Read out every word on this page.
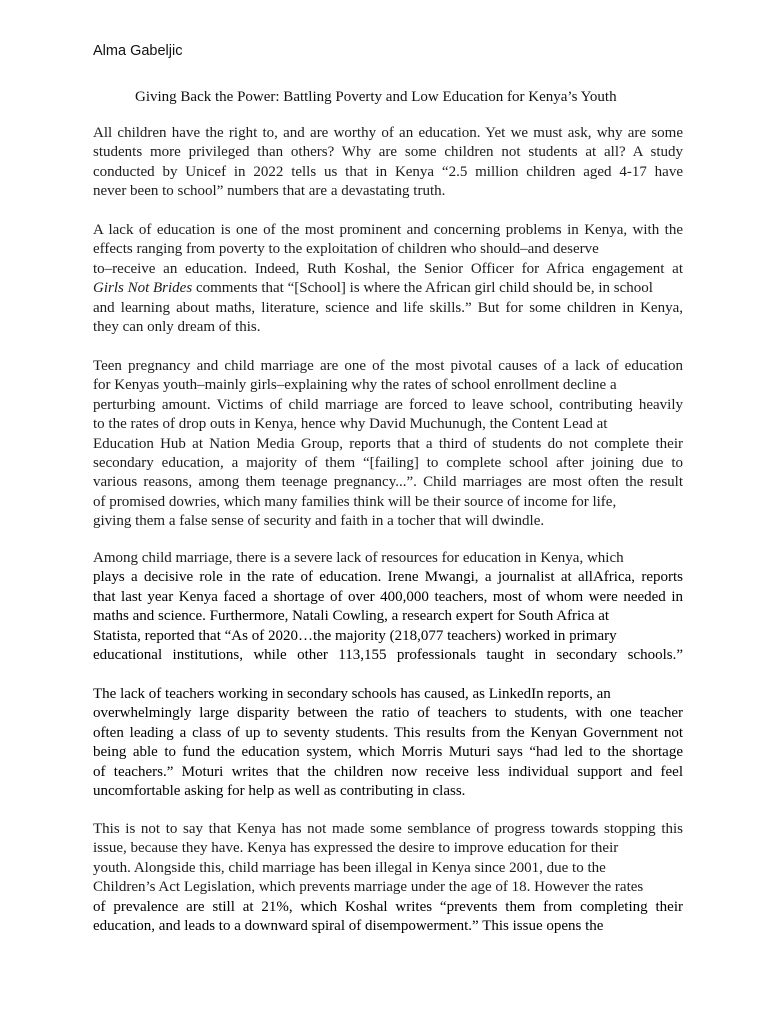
Alma Gabeljic
Giving Back the Power: Battling Poverty and Low Education for Kenya’s Youth
All children have the right to, and are worthy of an education. Yet we must ask, why are some
students more privileged than others? Why are some children not students at all? A study
conducted by Unicef in 2022 tells us that in Kenya “2.5 million children aged 4-17 have
never been to school” numbers that are a devastating truth.
A lack of education is one of the most prominent and concerning problems in Kenya, with the
effects ranging from poverty to the exploitation of children who should–and deserve
to–receive an education. Indeed, Ruth Koshal, the Senior Officer for Africa engagement at
Girls Not Brides comments that “[School] is where the African girl child should be, in school
and learning about maths, literature, science and life skills.” But for some children in Kenya,
they can only dream of this.
Teen pregnancy and child marriage are one of the most pivotal causes of a lack of education
for Kenyas youth–mainly girls–explaining why the rates of school enrollment decline a
perturbing amount. Victims of child marriage are forced to leave school, contributing heavily
to the rates of drop outs in Kenya, hence why David Muchunugh, the Content Lead at
Education Hub at Nation Media Group, reports that a third of students do not complete their
secondary education, a majority of them “[failing] to complete school after joining due to
various reasons, among them teenage pregnancy...”. Child marriages are most often the result
of promised dowries, which many families think will be their source of income for life,
giving them a false sense of security and faith in a tocher that will dwindle.
Among child marriage, there is a severe lack of resources for education in Kenya, which
plays a decisive role in the rate of education. Irene Mwangi, a journalist at allAfrica, reports
that last year Kenya faced a shortage of over 400,000 teachers, most of whom were needed in
maths and science. Furthermore, Natali Cowling, a research expert for South Africa at
Statista, reported that “As of 2020…the majority (218,077 teachers) worked in primary
educational institutions, while other 113,155 professionals taught in secondary schools.”
The lack of teachers working in secondary schools has caused, as LinkedIn reports, an
overwhelmingly large disparity between the ratio of teachers to students, with one teacher
often leading a class of up to seventy students. This results from the Kenyan Government not
being able to fund the education system, which Morris Muturi says “had led to the shortage
of teachers.” Moturi writes that the children now receive less individual support and feel
uncomfortable asking for help as well as contributing in class.
This is not to say that Kenya has not made some semblance of progress towards stopping this
issue, because they have. Kenya has expressed the desire to improve education for their
youth. Alongside this, child marriage has been illegal in Kenya since 2001, due to the
Children’s Act Legislation, which prevents marriage under the age of 18. However the rates
of prevalence are still at 21%, which Koshal writes “prevents them from completing their
education, and leads to a downward spiral of disempowerment.” This issue opens the
